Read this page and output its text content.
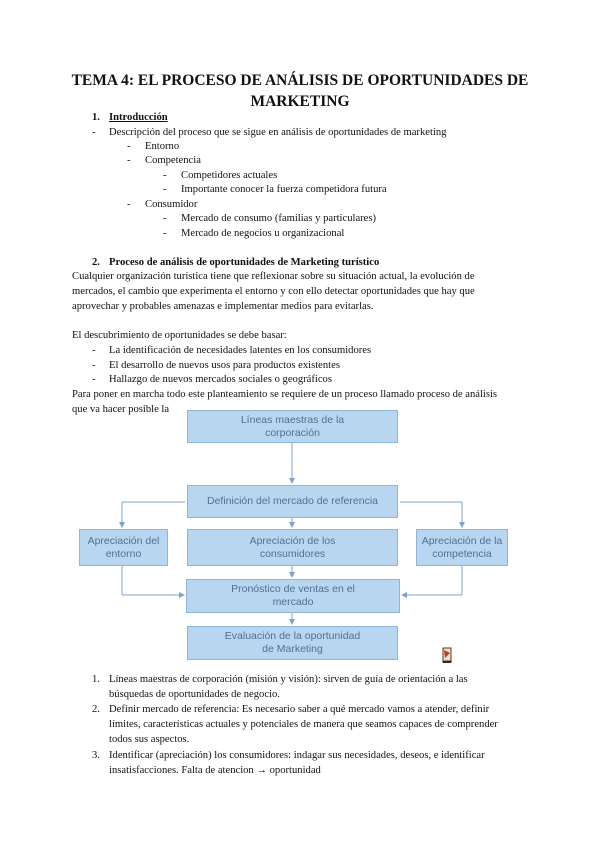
TEMA 4: EL PROCESO DE ANÁLISIS DE OPORTUNIDADES DE MARKETING
1. Introducción
- Descripción del proceso que se sigue en análisis de oportunidades de marketing
- Entorno
- Competencia
- Competidores actuales
- Importante conocer la fuerza competidora futura
- Consumidor
- Mercado de consumo (familias y particulares)
- Mercado de negocios u organizacional
2. Proceso de análisis de oportunidades de Marketing turístico
Cualquier organización turística tiene que reflexionar sobre su situación actual, la evolución de
mercados, el cambio que experimenta el entorno y con ello detectar oportunidades que hay que
aprovechar y probables amenazas e implementar medios para evitarlas.
El descubrimiento de oportunidades se debe basar:
- La identificación de necesidades latentes en los consumidores
- El desarrollo de nuevos usos para productos existentes
- Hallazgo de nuevos mercados sociales o geográficos
Para poner en marcha todo este planteamiento se requiere de un proceso llamado proceso de análisis
que va hacer posible la
Líneas maestras de la corporación
Definición del mercado de referencia
Apreciación del entorno
Apreciación de los consumidores
Apreciación de la competencia
Pronóstico de ventas en el mercado
Evaluación de la oportunidad de Marketing
1. Líneas maestras de corporación (misión y visión): sirven de guía de orientación a las
búsquedas de oportunidades de negocio.
2. Definir mercado de referencia: Es necesario saber a qué mercado vamos a atender, definir
límites, características actuales y potenciales de manera que seamos capaces de comprender
todos sus aspectos.
3. Identificar (apreciación) los consumidores: indagar sus necesidades, deseos, e identificar
insatisfacciones. Falta de atencion → oportunidad
